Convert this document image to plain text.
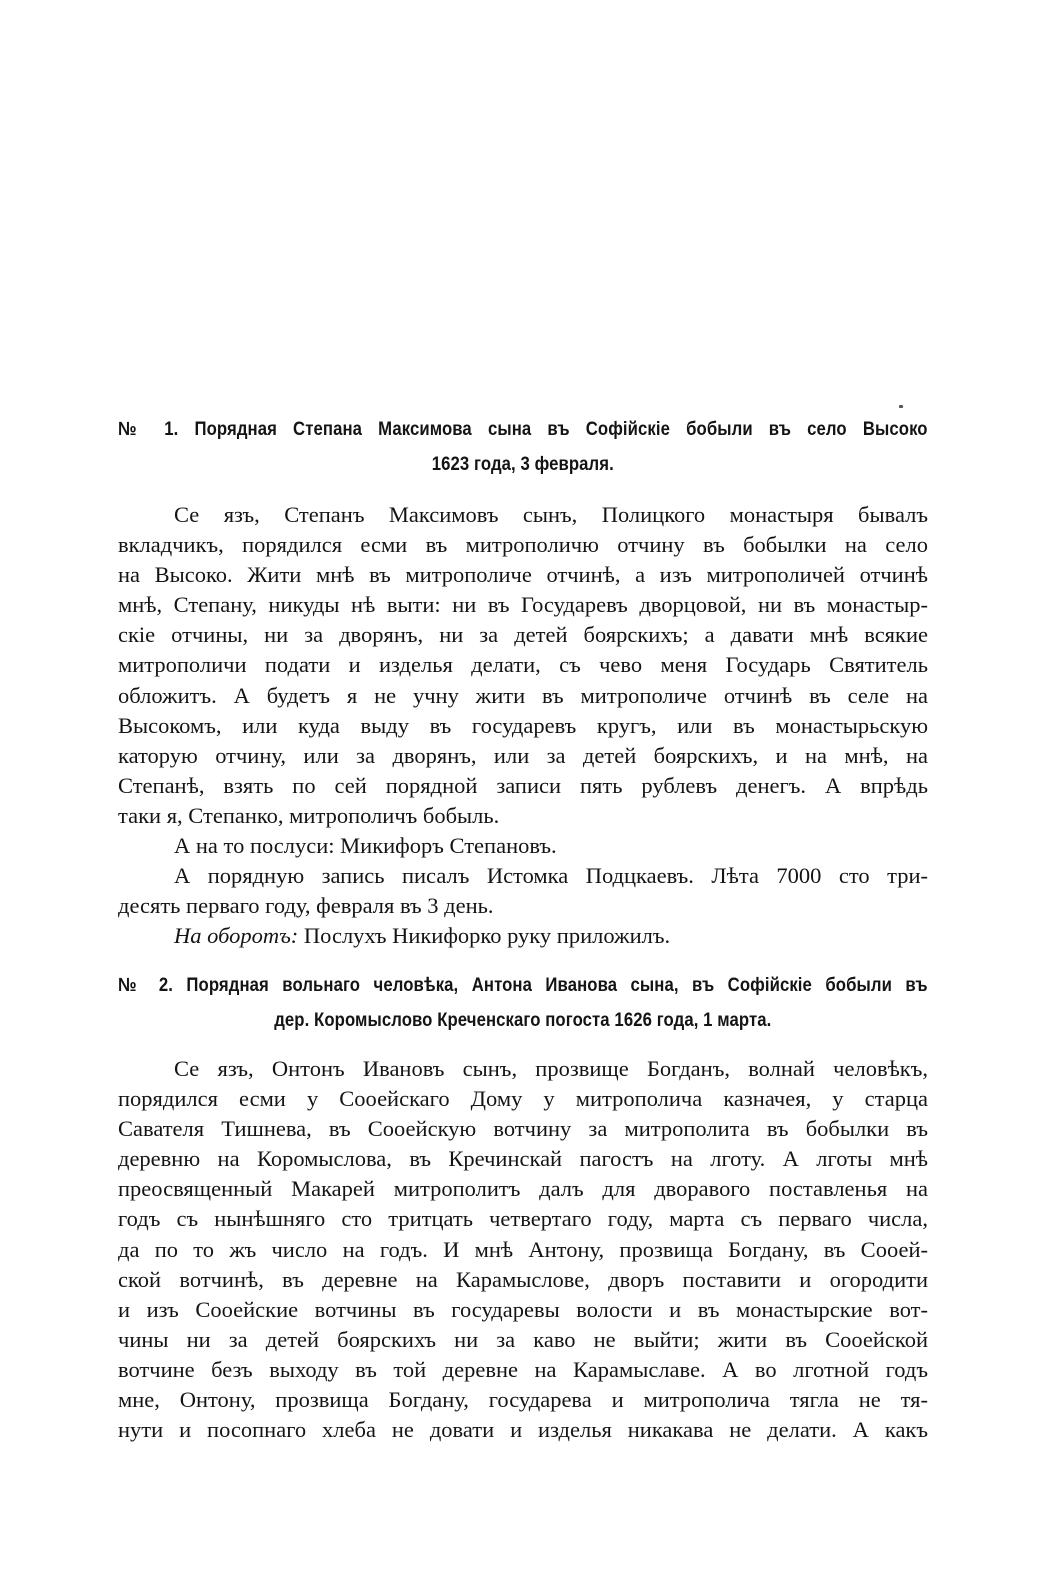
№ 1. Порядная Степана Максимова сына въ Софійскіе бобыли въ село Высоко
1623 года, 3 февраля.
Се язъ, Степанъ Максимовъ сынъ, Полицкого монастыря бывалъ
вкладчикъ, порядился есми въ митрополичю отчину въ бобылки на село
на Высоко. Жити мнѣ въ митрополиче отчинѣ, а изъ митрополичей отчинѣ
мнѣ, Степану, никуды нѣ выти: ни въ Государевъ дворцовой, ни въ монастыр-
скіе отчины, ни за дворянъ, ни за детей боярскихъ; а давати мнѣ всякие
митрополичи подати и изделья делати, съ чево меня Государь Святитель
обложитъ. А будетъ я не учну жити въ митрополиче отчинѣ въ селе на
Высокомъ, или куда выду въ государевъ кругъ, или въ монастырьскую
каторую отчину, или за дворянъ, или за детей боярскихъ, и на мнѣ, на
Степанѣ, взять по сей порядной записи пять рублевъ денегъ. А впрѣдь
таки я, Степанко, митрополичъ бобыль.
А на то послуси: Микифоръ Степановъ.
А порядную запись писалъ Истомка Подцкаевъ. Лѣта 7000 сто три-
десять перваго году, февраля въ 3 день.
На оборотъ: Послухъ Никифорко руку приложилъ.
№ 2. Порядная вольнаго человѣка, Антона Иванова сына, въ Софійскіе бобыли въ
дер. Коромыслово Креченскаго погоста 1626 года, 1 марта.
Се язъ, Онтонъ Ивановъ сынъ, прозвище Богданъ, волнай человѣкъ,
порядился есми у Сооейскаго Дому у митрополича казначея, у старца
Савателя Тишнева, въ Сооейскую вотчину за митрополита въ бобылки въ
деревню на Коромыслова, въ Кречинскай пагостъ на лготу. А лготы мнѣ
преосвященный Макарей митрополитъ далъ для дворавого поставленья на
годъ съ нынѣшняго сто тритцать четвертаго году, марта съ перваго числа,
да по то жъ число на годъ. И мнѣ Антону, прозвища Богдану, въ Сооей-
ской вотчинѣ, въ деревне на Карамыслове, дворъ поставити и огородити
и изъ Сооейские вотчины въ государевы волости и въ монастырские вот-
чины ни за детей боярскихъ ни за каво не выйти; жити въ Сооейской
вотчине безъ выходу въ той деревне на Карамыславе. А во лготной годъ
мне, Онтону, прозвища Богдану, государева и митрополича тягла не тя-
нути и посопнаго хлеба не довати и изделья никакава не делати. А какъ
